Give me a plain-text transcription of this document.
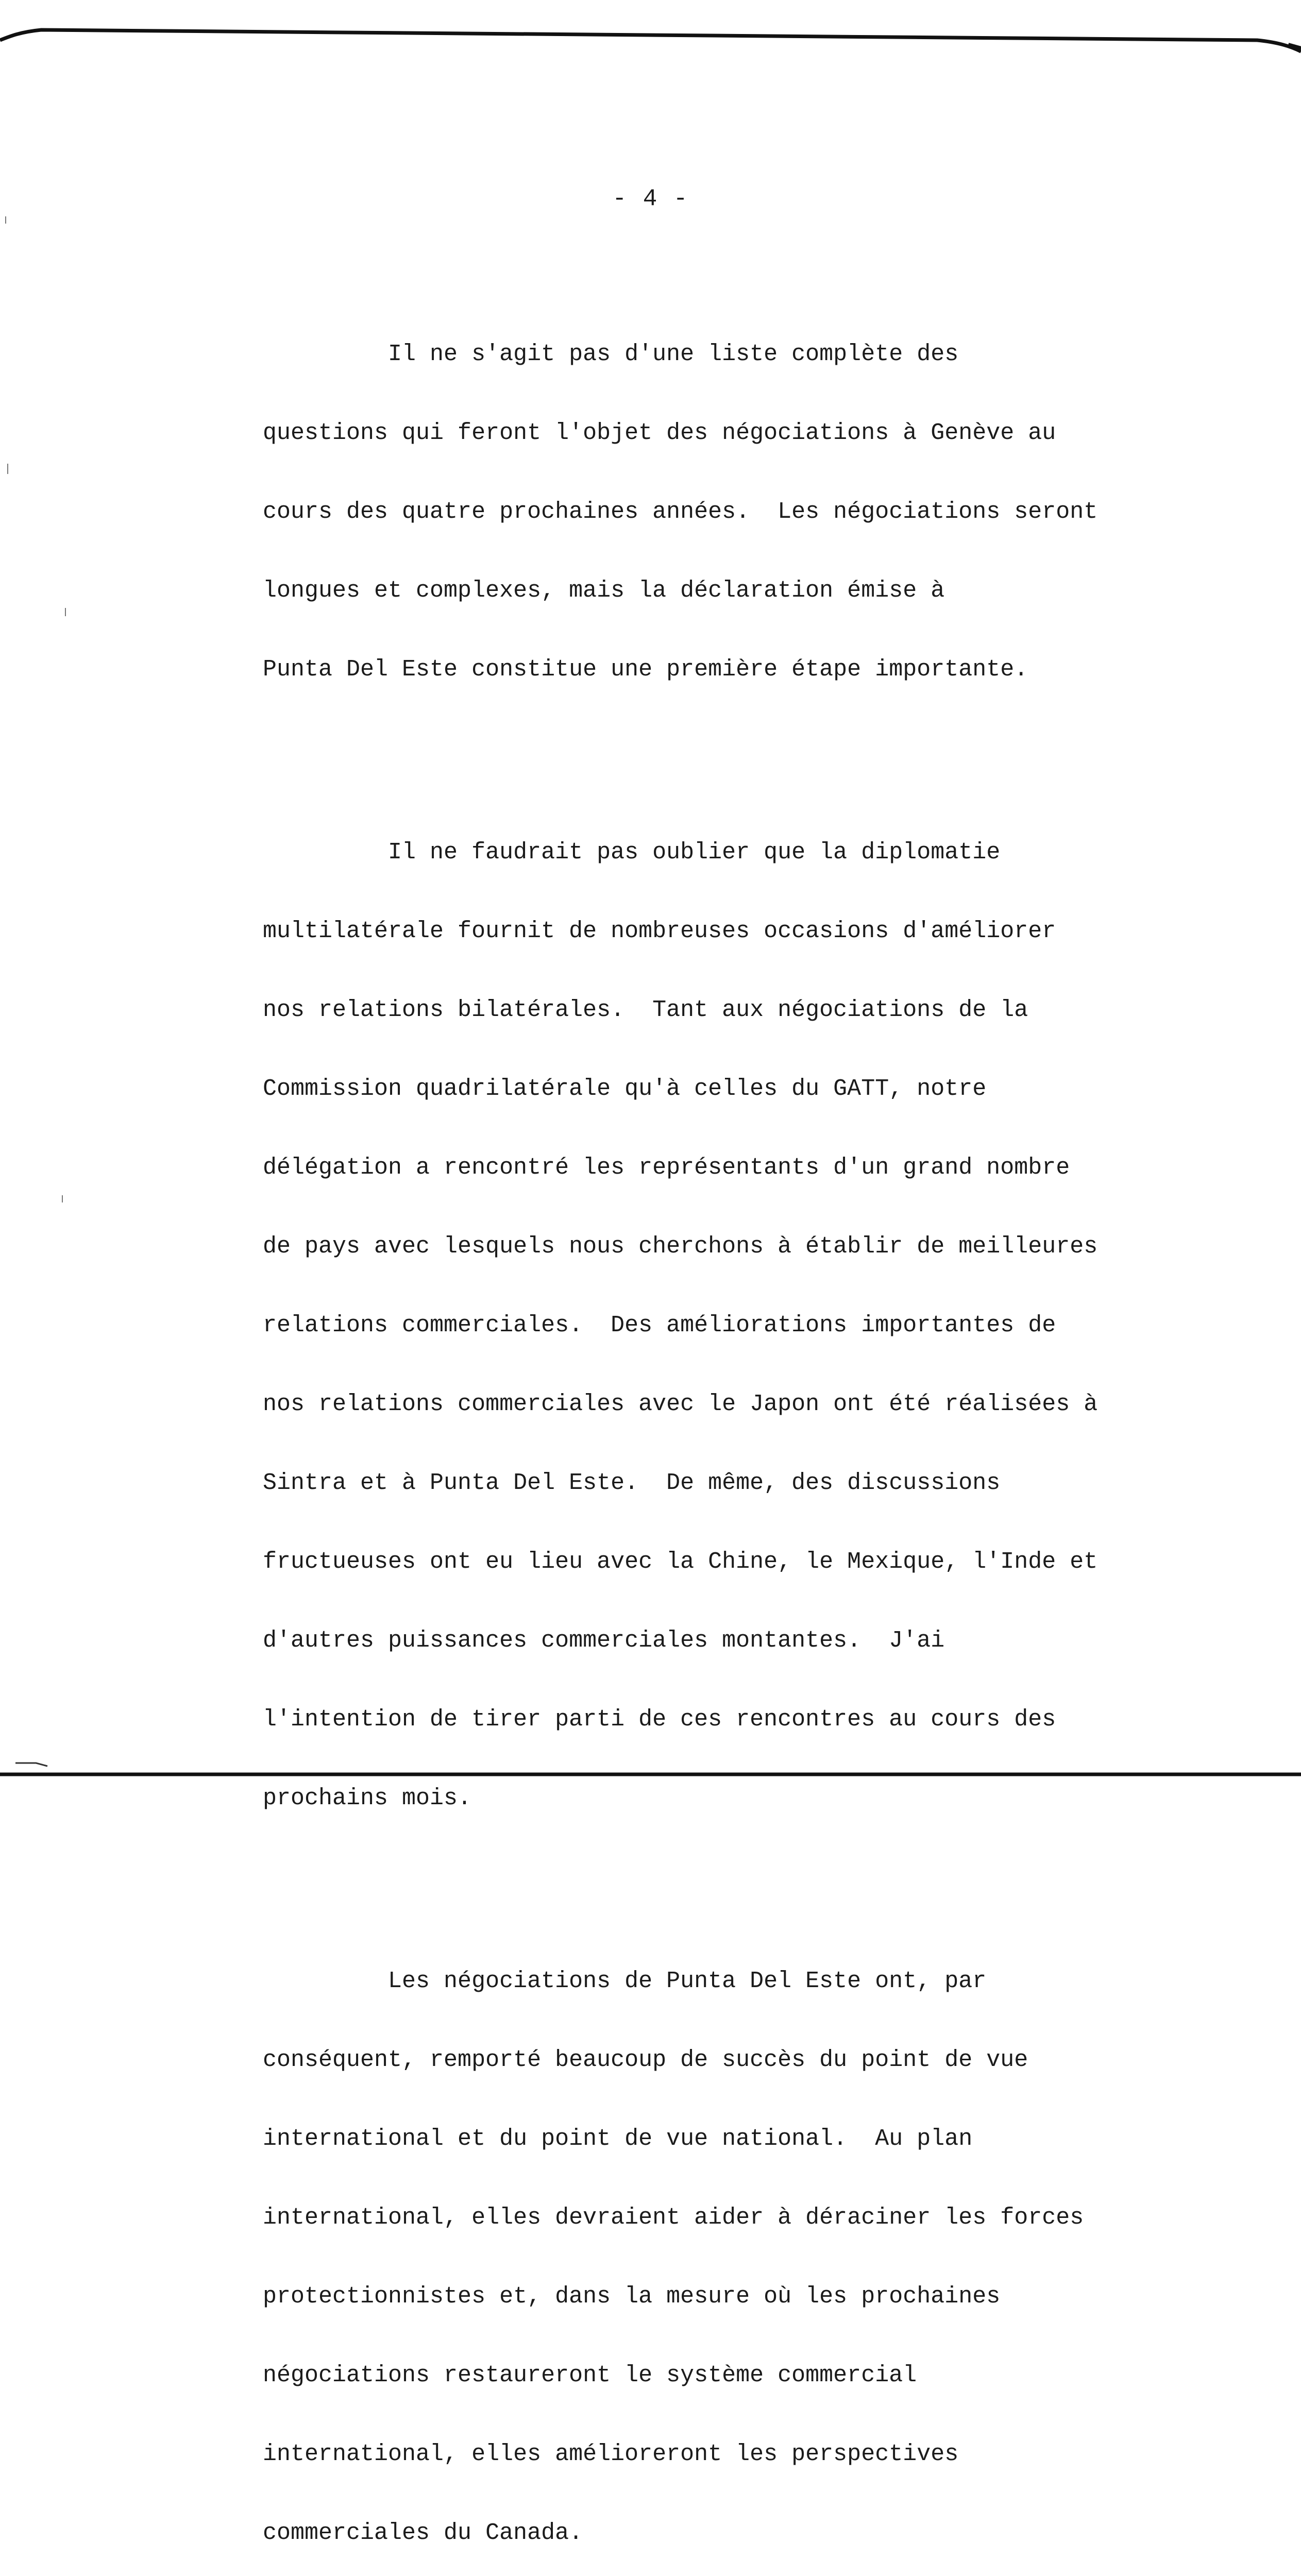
- 4 -

Il ne s'agit pas d'une liste complète des

questions qui feront l'objet des négociations à Genève au

cours des quatre prochaines années.  Les négociations seront

longues et complexes, mais la déclaration émise à

Punta Del Este constitue une première étape importante.

Il ne faudrait pas oublier que la diplomatie

multilatérale fournit de nombreuses occasions d'améliorer

nos relations bilatérales.  Tant aux négociations de la

Commission quadrilatérale qu'à celles du GATT, notre

délégation a rencontré les représentants d'un grand nombre

de pays avec lesquels nous cherchons à établir de meilleures

relations commerciales.  Des améliorations importantes de

nos relations commerciales avec le Japon ont été réalisées à

Sintra et à Punta Del Este.  De même, des discussions

fructueuses ont eu lieu avec la Chine, le Mexique, l'Inde et

d'autres puissances commerciales montantes.  J'ai

l'intention de tirer parti de ces rencontres au cours des

prochains mois.

Les négociations de Punta Del Este ont, par

conséquent, remporté beaucoup de succès du point de vue

international et du point de vue national.  Au plan

international, elles devraient aider à déraciner les forces

protectionnistes et, dans la mesure où les prochaines

négociations restaureront le système commercial

international, elles amélioreront les perspectives

commerciales du Canada.
